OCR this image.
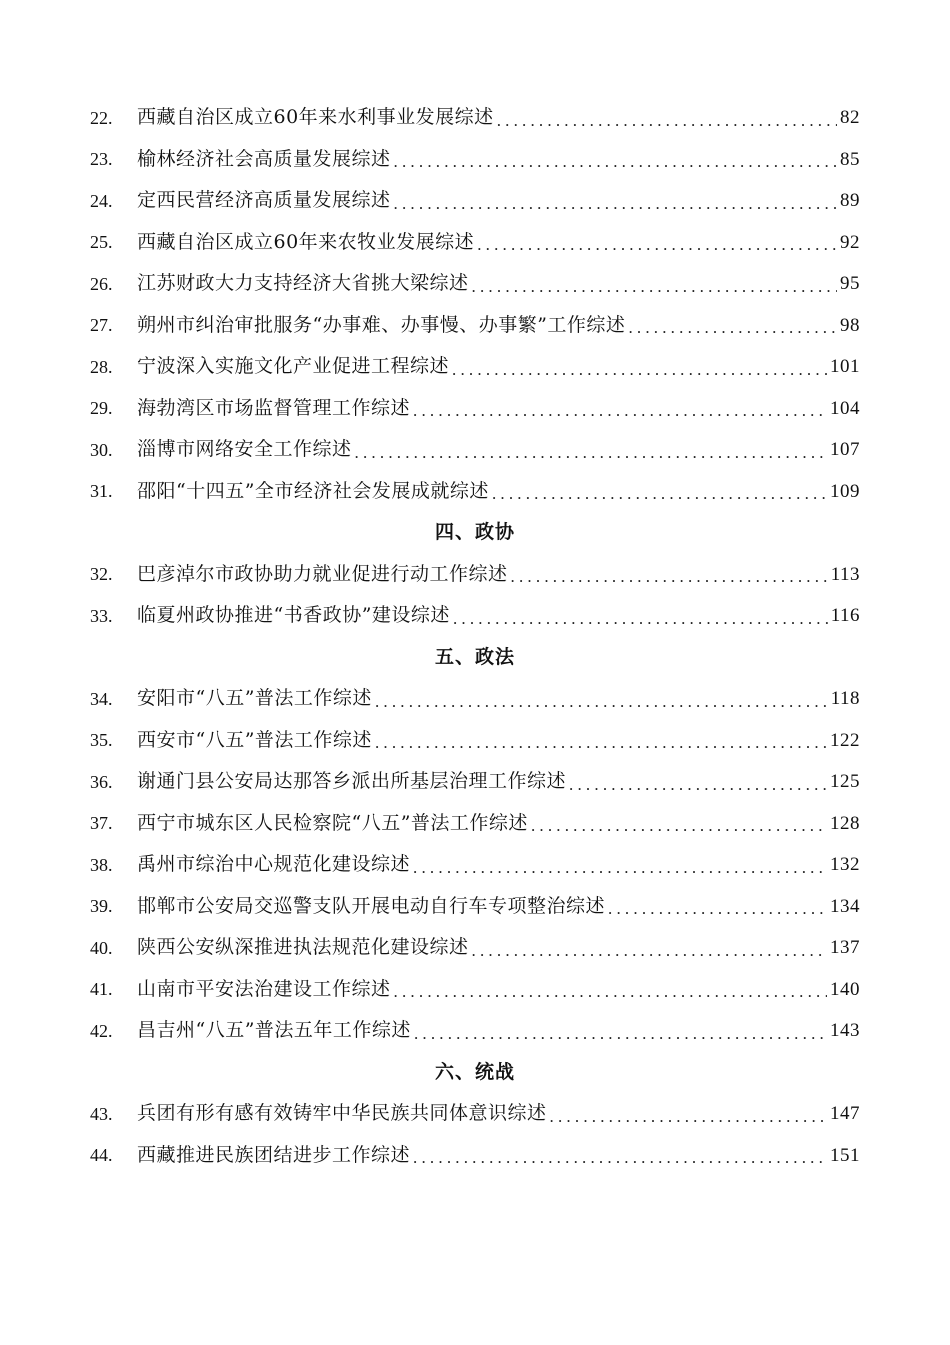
22.	西藏自治区成立60年来水利事业发展综述 .....	82
23.	榆林经济社会高质量发展综述 .....	85
24.	定西民营经济高质量发展综述 .....	89
25.	西藏自治区成立60年来农牧业发展综述 .....	92
26.	江苏财政大力支持经济大省挑大梁综述 .....	95
27.	朔州市纠治审批服务“办事难、办事慢、办事繁”工作综述 .....	98
28.	宁波深入实施文化产业促进工程综述 .....	101
29.	海勃湾区市场监督管理工作综述 .....	104
30.	淄博市网络安全工作综述 .....	107
31.	邵阳“十四五”全市经济社会发展成就综述 .....	109
四、政协
32.	巴彦淖尔市政协助力就业促进行动工作综述 .....	113
33.	临夏州政协推进“书香政协”建设综述 .....	116
五、政法
34.	安阳市“八五”普法工作综述 .....	118
35.	西安市“八五”普法工作综述 .....	122
36.	谢通门县公安局达那答乡派出所基层治理工作综述 .....	125
37.	西宁市城东区人民检察院“八五”普法工作综述 .....	128
38.	禹州市综治中心规范化建设综述 .....	132
39.	邯郸市公安局交巡警支队开展电动自行车专项整治综述 .....	134
40.	陕西公安纵深推进执法规范化建设综述 .....	137
41.	山南市平安法治建设工作综述 .....	140
42.	昌吉州“八五”普法五年工作综述 .....	143
六、统战
43.	兵团有形有感有效铸牢中华民族共同体意识综述 .....	147
44.	西藏推进民族团结进步工作综述 .....	151
